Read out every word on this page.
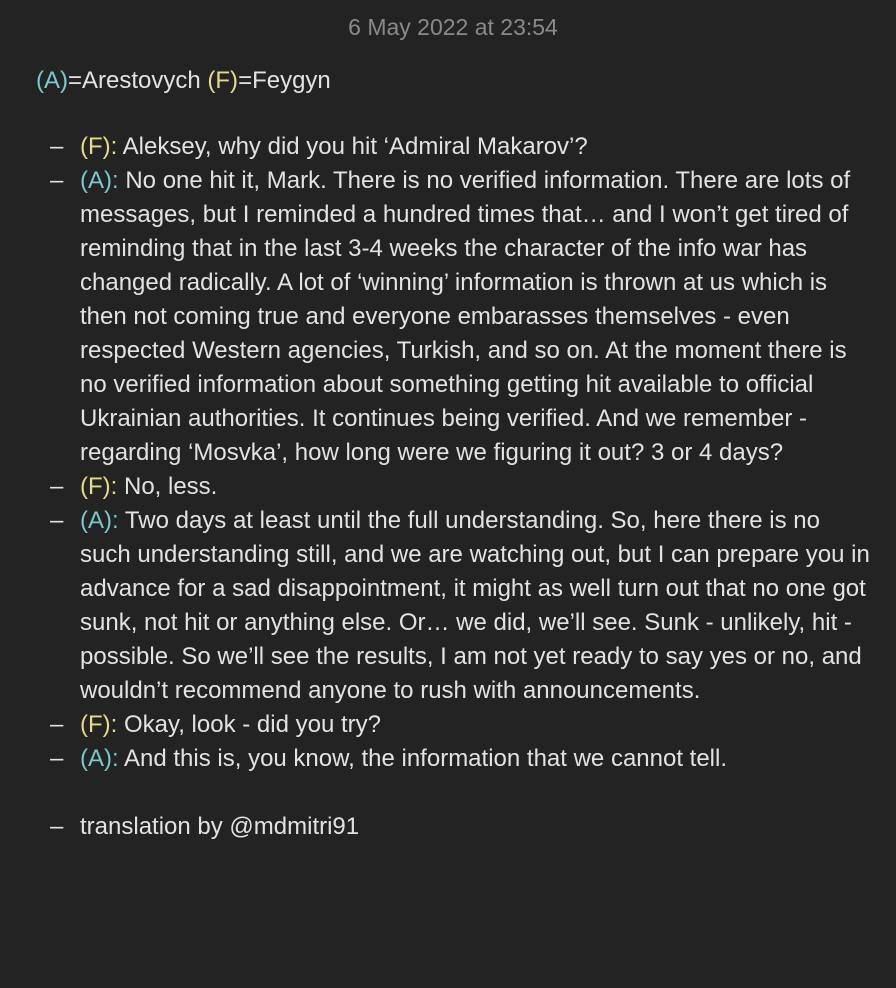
6 May 2022 at 23:54
(A)=Arestovych (F)=Feygyn
– (F): Aleksey, why did you hit ‘Admiral Makarov’?
– (A): No one hit it, Mark. There is no verified information. There are lots of messages, but I reminded a hundred times that… and I won’t get tired of reminding that in the last 3-4 weeks the character of the info war has changed radically. A lot of ‘winning’ information is thrown at us which is then not coming true and everyone embarasses themselves - even respected Western agencies, Turkish, and so on. At the moment there is no verified information about something getting hit available to official Ukrainian authorities. It continues being verified. And we remember - regarding ‘Mosvka’, how long were we figuring it out? 3 or 4 days?
– (F): No, less.
– (A): Two days at least until the full understanding. So, here there is no such understanding still, and we are watching out, but I can prepare you in advance for a sad disappointment, it might as well turn out that no one got sunk, not hit or anything else. Or… we did, we’ll see. Sunk - unlikely, hit - possible. So we’ll see the results, I am not yet ready to say yes or no, and wouldn’t recommend anyone to rush with announcements.
– (F): Okay, look - did you try?
– (A): And this is, you know, the information that we cannot tell.
– translation by @mdmitri91
